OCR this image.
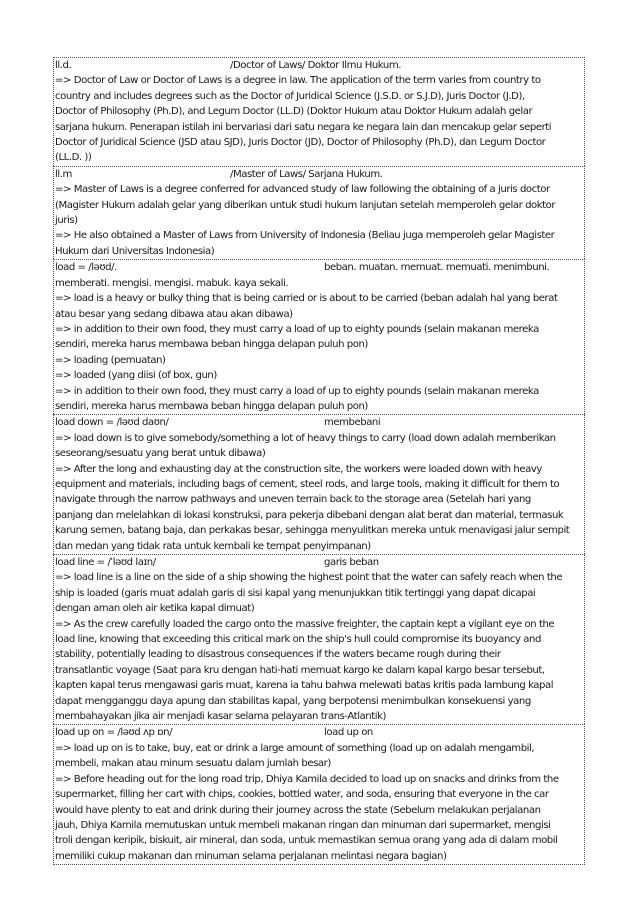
ll.d.	/Doctor of Laws/ Doktor Ilmu Hukum.
=> Doctor of Law or Doctor of Laws is a degree in law. The application of the term varies from country to
country and includes degrees such as the Doctor of Juridical Science (J.S.D. or S.J.D), Juris Doctor (J.D),
Doctor of Philosophy (Ph.D), and Legum Doctor (LL.D) (Doktor Hukum atau Doktor Hukum adalah gelar
sarjana hukum. Penerapan istilah ini bervariasi dari satu negara ke negara lain dan mencakup gelar seperti
Doctor of Juridical Science (JSD atau SJD), Juris Doctor (JD), Doctor of Philosophy (Ph.D), dan Legum Doctor
(LL.D. ))
ll.m	/Master of Laws/ Sarjana Hukum.
=> Master of Laws is a degree conferred for advanced study of law following the obtaining of a juris doctor
(Magister Hukum adalah gelar yang diberikan untuk studi hukum lanjutan setelah memperoleh gelar doktor
juris)
=> He also obtained a Master of Laws from University of Indonesia (Beliau juga memperoleh gelar Magister
Hukum dari Universitas Indonesia)
load = /ləʊd/.	beban. muatan. memuat. memuati. menimbuni.
memberati. mengisi. mengisi. mabuk. kaya sekali.
=> load is a heavy or bulky thing that is being carried or is about to be carried (beban adalah hal yang berat
atau besar yang sedang dibawa atau akan dibawa)
=> in addition to their own food, they must carry a load of up to eighty pounds (selain makanan mereka
sendiri, mereka harus membawa beban hingga delapan puluh pon)
=> loading (pemuatan)
=> loaded (yang diisi (of box, gun)
=> in addition to their own food, they must carry a load of up to eighty pounds (selain makanan mereka
sendiri, mereka harus membawa beban hingga delapan puluh pon)
load down = /ləʊd daʊn/	membebani
=> load down is to give somebody/something a lot of heavy things to carry (load down adalah memberikan
seseorang/sesuatu yang berat untuk dibawa)
=> After the long and exhausting day at the construction site, the workers were loaded down with heavy
equipment and materials, including bags of cement, steel rods, and large tools, making it difficult for them to
navigate through the narrow pathways and uneven terrain back to the storage area (Setelah hari yang
panjang dan melelahkan di lokasi konstruksi, para pekerja dibebani dengan alat berat dan material, termasuk
karung semen, batang baja, dan perkakas besar, sehingga menyulitkan mereka untuk menavigasi jalur sempit
dan medan yang tidak rata untuk kembali ke tempat penyimpanan)
load line = /ˈləʊd laɪn/	garis beban
=> load line is a line on the side of a ship showing the highest point that the water can safely reach when the
ship is loaded (garis muat adalah garis di sisi kapal yang menunjukkan titik tertinggi yang dapat dicapai
dengan aman oleh air ketika kapal dimuat)
=> As the crew carefully loaded the cargo onto the massive freighter, the captain kept a vigilant eye on the
load line, knowing that exceeding this critical mark on the ship's hull could compromise its buoyancy and
stability, potentially leading to disastrous consequences if the waters became rough during their
transatlantic voyage (Saat para kru dengan hati-hati memuat kargo ke dalam kapal kargo besar tersebut,
kapten kapal terus mengawasi garis muat, karena ia tahu bahwa melewati batas kritis pada lambung kapal
dapat mengganggu daya apung dan stabilitas kapal, yang berpotensi menimbulkan konsekuensi yang
membahayakan jika air menjadi kasar selama pelayaran trans-Atlantik)
load up on = /ləʊd ʌp ɒn/	load up on
=> load up on is to take, buy, eat or drink a large amount of something (load up on adalah mengambil,
membeli, makan atau minum sesuatu dalam jumlah besar)
=> Before heading out for the long road trip, Dhiya Kamila decided to load up on snacks and drinks from the
supermarket, filling her cart with chips, cookies, bottled water, and soda, ensuring that everyone in the car
would have plenty to eat and drink during their journey across the state (Sebelum melakukan perjalanan
jauh, Dhiya Kamila memutuskan untuk membeli makanan ringan dan minuman dari supermarket, mengisi
troli dengan keripik, biskuit, air mineral, dan soda, untuk memastikan semua orang yang ada di dalam mobil
memiliki cukup makanan dan minuman selama perjalanan melintasi negara bagian)
